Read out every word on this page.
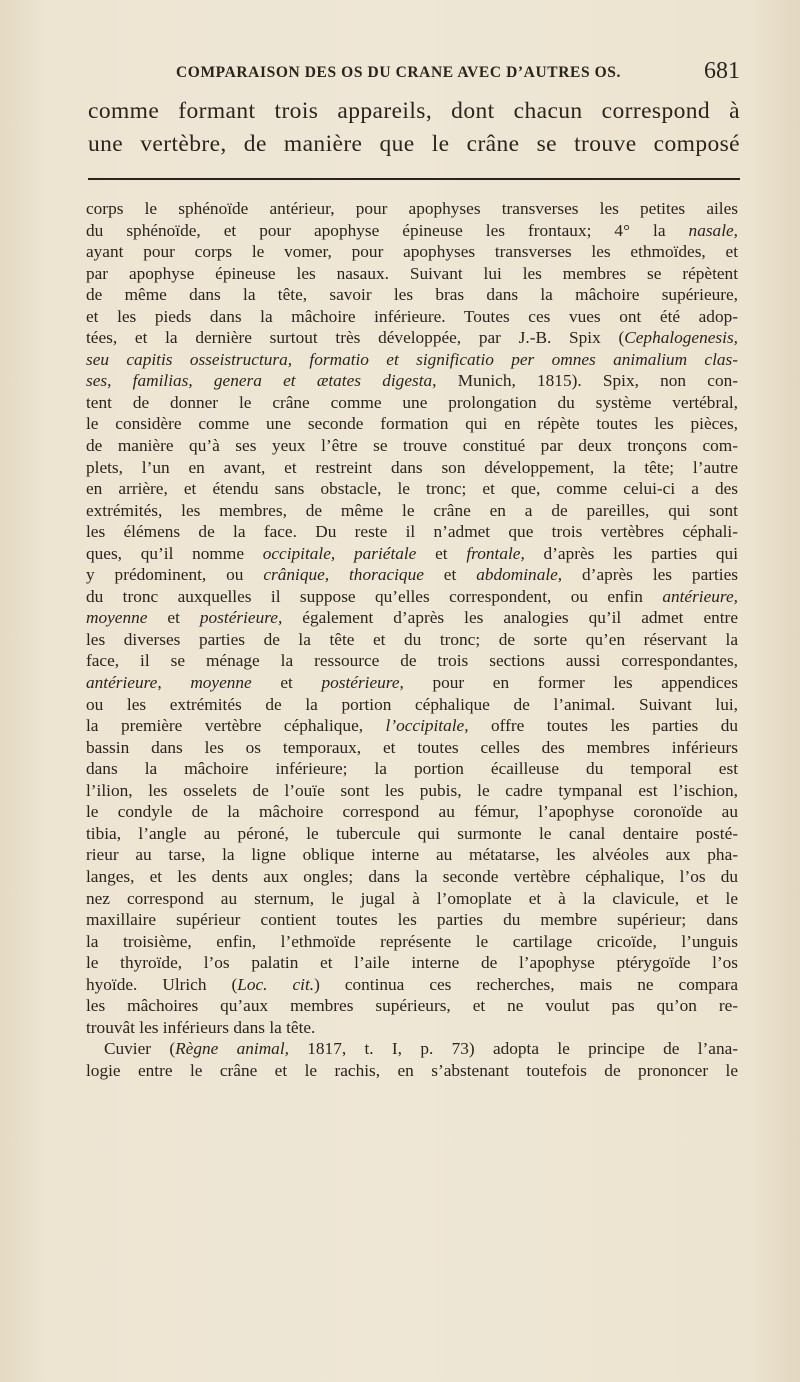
COMPARAISON DES OS DU CRANE AVEC D’AUTRES OS.	681
comme formant trois appareils, dont chacun correspond à
une vertèbre, de manière que le crâne se trouve composé
corps le sphénoïde antérieur, pour apophyses transverses les petites ailes
du sphénoïde, et pour apophyse épineuse les frontaux; 4° la nasale,
ayant pour corps le vomer, pour apophyses transverses les ethmoïdes, et
par apophyse épineuse les nasaux. Suivant lui les membres se répètent
de même dans la tête, savoir les bras dans la mâchoire supérieure,
et les pieds dans la mâchoire inférieure. Toutes ces vues ont été adop-
tées, et la dernière surtout très développée, par J.-B. Spix (Cephalogenesis,
seu capitis osseistructura, formatio et significatio per omnes animalium clas-
ses, familias, genera et ætates digesta, Munich, 1815). Spix, non con-
tent de donner le crâne comme une prolongation du système vertébral,
le considère comme une seconde formation qui en répète toutes les pièces,
de manière qu’à ses yeux l’être se trouve constitué par deux tronçons com-
plets, l’un en avant, et restreint dans son développement, la tête; l’autre
en arrière, et étendu sans obstacle, le tronc; et que, comme celui-ci a des
extrémités, les membres, de même le crâne en a de pareilles, qui sont
les élémens de la face. Du reste il n’admet que trois vertèbres céphali-
ques, qu’il nomme occipitale, pariétale et frontale, d’après les parties qui
y prédominent, ou crânique, thoracique et abdominale, d’après les parties
du tronc auxquelles il suppose qu’elles correspondent, ou enfin antérieure,
moyenne et postérieure, également d’après les analogies qu’il admet entre
les diverses parties de la tête et du tronc; de sorte qu’en réservant la
face, il se ménage la ressource de trois sections aussi correspondantes,
antérieure, moyenne et postérieure, pour en former les appendices
ou les extrémités de la portion céphalique de l’animal. Suivant lui,
la première vertèbre céphalique, l’occipitale, offre toutes les parties du
bassin dans les os temporaux, et toutes celles des membres inférieurs
dans la mâchoire inférieure; la portion écailleuse du temporal est
l’ilion, les osselets de l’ouïe sont les pubis, le cadre tympanal est l’ischion,
le condyle de la mâchoire correspond au fémur, l’apophyse coronoïde au
tibia, l’angle au péroné, le tubercule qui surmonte le canal dentaire posté-
rieur au tarse, la ligne oblique interne au métatarse, les alvéoles aux pha-
langes, et les dents aux ongles; dans la seconde vertèbre céphalique, l’os du
nez correspond au sternum, le jugal à l’omoplate et à la clavicule, et le
maxillaire supérieur contient toutes les parties du membre supérieur; dans
la troisième, enfin, l’ethmoïde représente le cartilage cricoïde, l’unguis
le thyroïde, l’os palatin et l’aile interne de l’apophyse ptérygoïde l’os
hyoïde. Ulrich (Loc. cit.) continua ces recherches, mais ne compara
les mâchoires qu’aux membres supérieurs, et ne voulut pas qu’on re-
trouvât les inférieurs dans la tête.
Cuvier (Règne animal, 1817, t. I, p. 73) adopta le principe de l’ana-
logie entre le crâne et le rachis, en s’abstenant toutefois de prononcer le
